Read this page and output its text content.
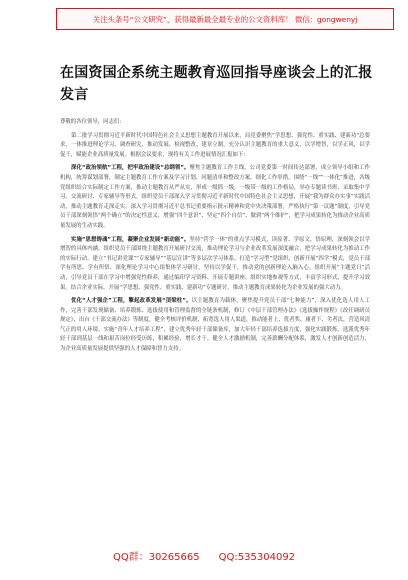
关注头条号“公文研究”，获得最新最全最专业的公文资料库！ 微信：gongwenyj
在国资国企系统主题教育巡回指导座谈会上的汇报发言

尊敬的各位领导，同志们：

第二批学习贯彻习近平新时代中国特色社会主义思想主题教育开展以来，局党委聚焦“学思想、强党性、重实践、建新功”总要求，一体推进理论学习、调查研究、推动发展、检视整改、建章立制，充分认识主题教育的重大意义，以学增智，以学正风，以学促干，赋能企业高质量发展。根据会议要求，现将有关工作进展情况汇报如下：

深化“政治领航”工程，把牢政治建设“总纲领”。聚焦主题教育工作主线，公司党委第一时间传达部署，成立领导小组和工作机构，统筹谋划部署，制定主题教育工作方案及学习计划、问题清单和整改方案，细化工作举措，围绕“一线”“一体化”推进，各级党组织结合实际制定工作方案，推动主题教育从严从实，形成一级抓一级，一级带一级的工作格局，举办专题读书班，采取集中学习、交流研讨、专家辅导等形式，组织党员干部深入学习贯彻习近平新时代中国特色社会主义思想，开展“我为群众办实事”实践活动，推动主题教育走深走实。深入学习贯彻习近平总书记重要指示批示精神和党中央决策部署，严格执行“第一议题”制度，引导党员干部深刻领悟“两个确立”的决定性意义，增强“四个意识”、坚定“四个自信”、做到“两个维护”，把学习成果转化为推动企业高质量发展的生动实践。

实施“思想铸魂”工程，凝聚企业发展“新动能”。坚持“营学一体”的重点学习模式，读原著、学原文、悟原理，深刻领会以学增智的具体内涵。组织党员干部围绕主题教育开展研讨交流，推动理论学习与企业改革发展深度融合，把学习成果转化为推动工作的实际行动。建立“书记讲党课”“专家辅导”“基层宣讲”等多层次学习体系，打造“学习型”党组织，创新开展“四学”模式，党员干部学有所思、学有所悟、深化理论学习中心组集体学习研讨，坚持以学促干，推动党的创新理论入脑入心。组织开展“主题党日”活动，引导党员干部在学习中增强党性修养，通过编印学习资料、开展专题讲座、组织实地参观等方式，丰富学习形式，提升学习效果。结合企业实际，开展“学思想、强党性、重实践、建新功”专题研讨，推动主题教育成果转化为企业发展的强大动力。

优化“人才强企”工程，擎起改革发展“顶梁柱”。以主题教育为载体，聚焦提升党员干部“七种能力”，深入优化选人用人工作，完善干部发现储备、培养锻炼、选拔使用和管理监督的全链条机制，修订《中层干部管理办法》《选拔操作规程》《改任调研员规定》，出台《干部交流办法》等制度，健全考核评价机制，拓宽选人用人渠道，推动能者上、优者奖、庸者下、劣者汰，营造风清气正的用人环境。实施“青年人才培养工程”，建立优秀年轻干部储备库，加大年轻干部培养选拔力度，强化实践锻炼，选派优秀年轻干部到基层一线和艰苦岗位经受历练，积累经验，增长才干。健全人才激励机制，完善薪酬分配体系，激发人才创新创造活力，为企业高质量发展提供坚强的人才保障和智力支持。

QQ群：30265665      QQ:535304092
